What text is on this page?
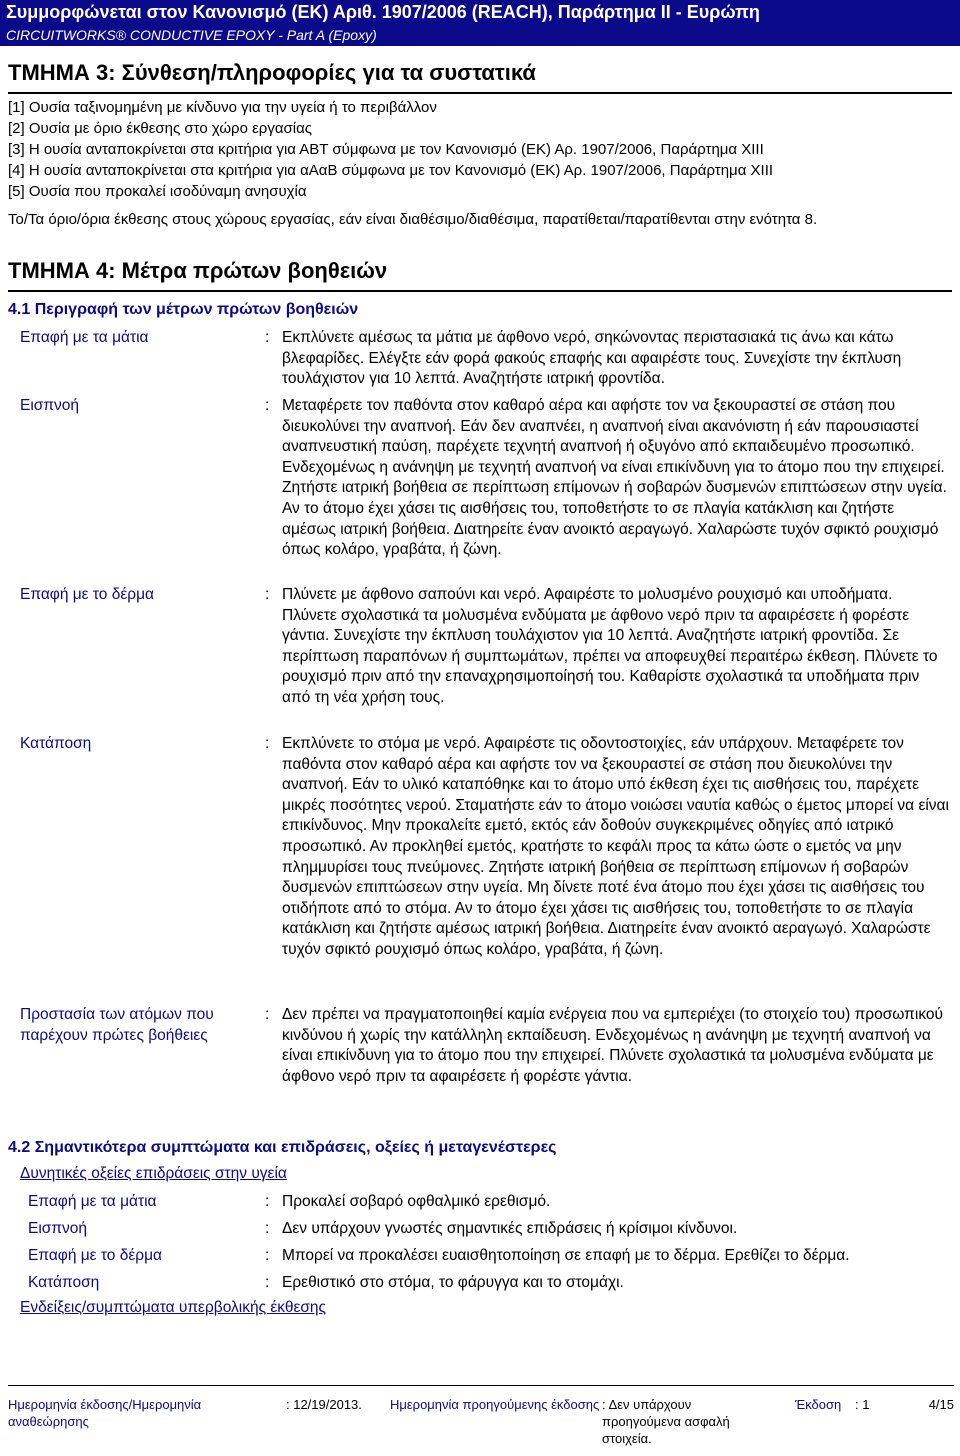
Συμμορφώνεται στον Κανονισμό (ΕΚ) Αριθ. 1907/2006 (REACH), Παράρτημα II - Ευρώπη
CIRCUITWORKS® CONDUCTIVE EPOXY - Part A (Epoxy)
ΤΜΗΜΑ 3: Σύνθεση/πληροφορίες για τα συστατικά
[1] Ουσία ταξινομημένη με κίνδυνο για την υγεία ή το περιβάλλον
[2] Ουσία με όριο έκθεσης στο χώρο εργασίας
[3] Η ουσία ανταποκρίνεται στα κριτήρια για ΑΒΤ σύμφωνα με τον Κανονισμό (ΕΚ) Αρ. 1907/2006, Παράρτημα XIII
[4] Η ουσία ανταποκρίνεται στα κριτήρια για αΑαΒ σύμφωνα με τον Κανονισμό (ΕΚ) Αρ. 1907/2006, Παράρτημα XIII
[5] Ουσία που προκαλεί ισοδύναμη ανησυχία
Το/Τα όριο/όρια έκθεσης στους χώρους εργασίας, εάν είναι διαθέσιμο/διαθέσιμα, παρατίθεται/παρατίθενται στην ενότητα 8.
ΤΜΗΜΑ 4: Μέτρα πρώτων βοηθειών
4.1 Περιγραφή των μέτρων πρώτων βοηθειών
Επαφή με τα μάτια	: Εκπλύνετε αμέσως τα μάτια με άφθονο νερό, σηκώνοντας περιστασιακά τις άνω και κάτω βλεφαρίδες. Ελέγξτε εάν φορά φακούς επαφής και αφαιρέστε τους. Συνεχίστε την έκπλυση τουλάχιστον για 10 λεπτά. Αναζητήστε ιατρική φροντίδα.
Εισπνοή	: Μεταφέρετε τον παθόντα στον καθαρό αέρα και αφήστε τον να ξεκουραστεί σε στάση που διευκολύνει την αναπνοή. Εάν δεν αναπνέει, η αναπνοή είναι ακανόνιστη ή εάν παρουσιαστεί αναπνευστική παύση, παρέχετε τεχνητή αναπνοή ή οξυγόνο από εκπαιδευμένο προσωπικό. Ενδεχομένως η ανάνηψη με τεχνητή αναπνοή να είναι επικίνδυνη για το άτομο που την επιχειρεί. Ζητήστε ιατρική βοήθεια σε περίπτωση επίμονων ή σοβαρών δυσμενών επιπτώσεων στην υγεία. Αν το άτομο έχει χάσει τις αισθήσεις του, τοποθετήστε το σε πλαγία κατάκλιση και ζητήστε αμέσως ιατρική βοήθεια. Διατηρείτε έναν ανοικτό αεραγωγό. Χαλαρώστε τυχόν σφικτό ρουχισμό όπως κολάρο, γραβάτα, ή ζώνη.
Επαφή με το δέρμα	: Πλύνετε με άφθονο σαπούνι και νερό. Αφαιρέστε το μολυσμένο ρουχισμό και υποδήματα. Πλύνετε σχολαστικά τα μολυσμένα ενδύματα με άφθονο νερό πριν τα αφαιρέσετε ή φορέστε γάντια. Συνεχίστε την έκπλυση τουλάχιστον για 10 λεπτά. Αναζητήστε ιατρική φροντίδα. Σε περίπτωση παραπόνων ή συμπτωμάτων, πρέπει να αποφευχθεί περαιτέρω έκθεση. Πλύνετε το ρουχισμό πριν από την επαναχρησιμοποίησή του. Καθαρίστε σχολαστικά τα υποδήματα πριν από τη νέα χρήση τους.
Κατάποση	: Εκπλύνετε το στόμα με νερό. Αφαιρέστε τις οδοντοστοιχίες, εάν υπάρχουν. Μεταφέρετε τον παθόντα στον καθαρό αέρα και αφήστε τον να ξεκουραστεί σε στάση που διευκολύνει την αναπνοή. Εάν το υλικό καταπόθηκε και το άτομο υπό έκθεση έχει τις αισθήσεις του, παρέχετε μικρές ποσότητες νερού. Σταματήστε εάν το άτομο νοιώσει ναυτία καθώς ο έμετος μπορεί να είναι επικίνδυνος. Μην προκαλείτε εμετό, εκτός εάν δοθούν συγκεκριμένες οδηγίες από ιατρικό προσωπικό. Αν προκληθεί εμετός, κρατήστε το κεφάλι προς τα κάτω ώστε ο εμετός να μην πλημμυρίσει τους πνεύμονες. Ζητήστε ιατρική βοήθεια σε περίπτωση επίμονων ή σοβαρών δυσμενών επιπτώσεων στην υγεία. Μη δίνετε ποτέ ένα άτομο που έχει χάσει τις αισθήσεις του οτιδήποτε από το στόμα. Αν το άτομο έχει χάσει τις αισθήσεις του, τοποθετήστε το σε πλαγία κατάκλιση και ζητήστε αμέσως ιατρική βοήθεια. Διατηρείτε έναν ανοικτό αεραγωγό. Χαλαρώστε τυχόν σφικτό ρουχισμό όπως κολάρο, γραβάτα, ή ζώνη.
Προστασία των ατόμων που παρέχουν πρώτες βοήθειες
: Δεν πρέπει να πραγματοποιηθεί καμία ενέργεια που να εμπεριέχει (το στοιχείο του) προσωπικού κινδύνου ή χωρίς την κατάλληλη εκπαίδευση. Ενδεχομένως η ανάνηψη με τεχνητή αναπνοή να είναι επικίνδυνη για το άτομο που την επιχειρεί. Πλύνετε σχολαστικά τα μολυσμένα ενδύματα με άφθονο νερό πριν τα αφαιρέσετε ή φορέστε γάντια.
4.2 Σημαντικότερα συμπτώματα και επιδράσεις, οξείες ή μεταγενέστερες
Δυνητικές οξείες επιδράσεις στην υγεία
Επαφή με τα μάτια	: Προκαλεί σοβαρό οφθαλμικό ερεθισμό.
Εισπνοή	: Δεν υπάρχουν γνωστές σημαντικές επιδράσεις ή κρίσιμοι κίνδυνοι.
Επαφή με το δέρμα	: Μπορεί να προκαλέσει ευαισθητοποίηση σε επαφή με το δέρμα. Ερεθίζει το δέρμα.
Κατάποση	: Ερεθιστικό στο στόμα, το φάρυγγα και το στομάχι.
Ενδείξεις/συμπτώματα υπερβολικής έκθεσης
Ημερομηνία έκδοσης/Ημερομηνία αναθεώρησης
: 12/19/2013.	Ημερομηνία προηγούμενης έκδοσης : Δεν υπάρχουν προηγούμενα ασφαλή στοιχεία.
Έκδοση	: 1	4/15
